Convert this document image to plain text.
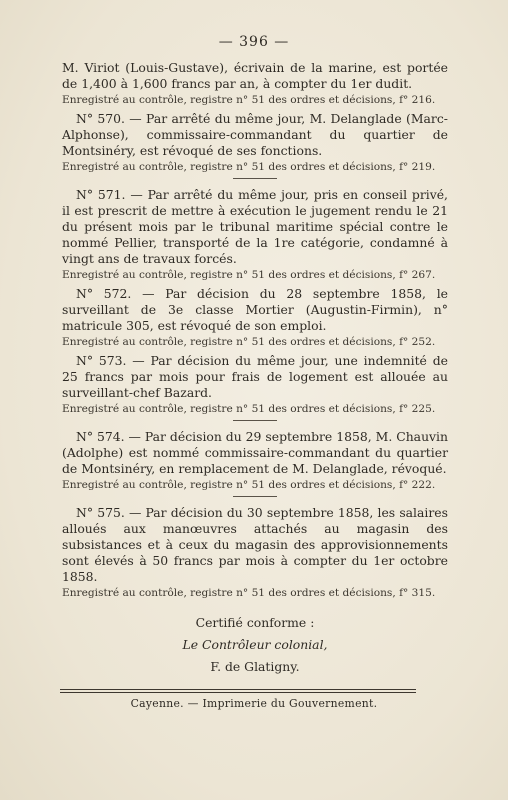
— 396 —

M. Viriot (Louis-Gustave), écrivain de la marine, est portée de 1,400 à 1,600 francs par an, à compter du 1er dudit.

Enregistré au contrôle, registre n° 51 des ordres et décisions, f° 216.

N° 570. — Par arrêté du même jour, M. Delanglade (Marc-Alphonse), commissaire-commandant du quartier de Montsinéry, est révoqué de ses fonctions.

Enregistré au contrôle, registre n° 51 des ordres et décisions, f° 219.

N° 571. — Par arrêté du même jour, pris en conseil privé, il est prescrit de mettre à exécution le jugement rendu le 21 du présent mois par le tribunal maritime spécial contre le nommé Pellier, transporté de la 1re catégorie, condamné à vingt ans de travaux forcés.

Enregistré au contrôle, registre n° 51 des ordres et décisions, f° 267.

N° 572. — Par décision du 28 septembre 1858, le surveillant de 3e classe Mortier (Augustin-Firmin), n° matricule 305, est révoqué de son emploi.

Enregistré au contrôle, registre n° 51 des ordres et décisions, f° 252.

N° 573. — Par décision du même jour, une indemnité de 25 francs par mois pour frais de logement est allouée au surveillant-chef Bazard.

Enregistré au contrôle, registre n° 51 des ordres et décisions, f° 225.

N° 574. — Par décision du 29 septembre 1858, M. Chauvin (Adolphe) est nommé commissaire-commandant du quartier de Montsinéry, en remplacement de M. Delanglade, révoqué.

Enregistré au contrôle, registre n° 51 des ordres et décisions, f° 222.

N° 575. — Par décision du 30 septembre 1858, les salaires alloués aux manœuvres attachés au magasin des subsistances et à ceux du magasin des approvisionnements sont élevés à 50 francs par mois à compter du 1er octobre 1858.

Enregistré au contrôle, registre n° 51 des ordres et décisions, f° 315.
Certifié conforme :
Le Contrôleur colonial,
F. de Glatigny.
Cayenne. — Imprimerie du Gouvernement.
